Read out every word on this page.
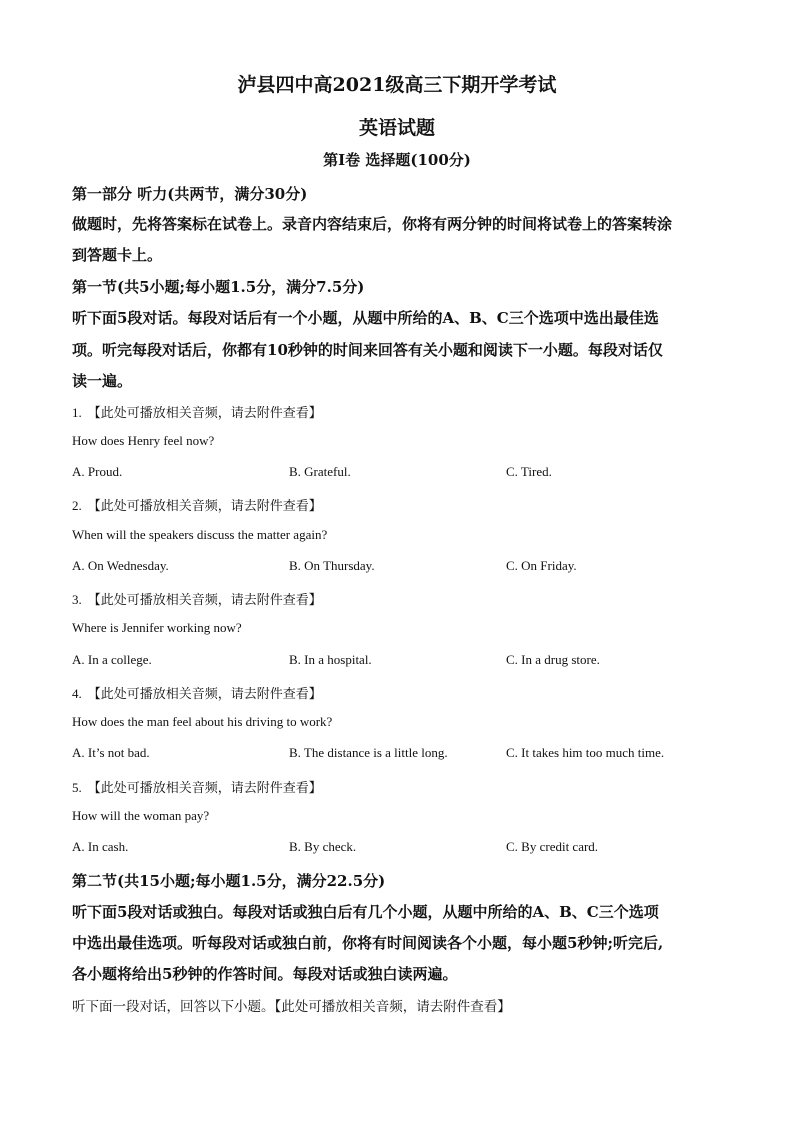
泸县四中高2021级高三下期开学考试
英语试题
第I卷 选择题(100分)
第一部分 听力(共两节，满分30分)
做题时，先将答案标在试卷上。录音内容结束后，你将有两分钟的时间将试卷上的答案转涂
到答题卡上。
第一节(共5小题;每小题1.5分，满分7.5分)
听下面5段对话。每段对话后有一个小题，从题中所给的A、B、C三个选项中选出最佳选
项。听完每段对话后，你都有10秒钟的时间来回答有关小题和阅读下一小题。每段对话仅
读一遍。
1. 【此处可播放相关音频，请去附件查看】
How does Henry feel now?
A. Proud.	B. Grateful.	C. Tired.
2. 【此处可播放相关音频，请去附件查看】
When will the speakers discuss the matter again?
A. On Wednesday.	B. On Thursday.	C. On Friday.
3. 【此处可播放相关音频，请去附件查看】
Where is Jennifer working now?
A. In a college.	B. In a hospital.	C. In a drug store.
4. 【此处可播放相关音频，请去附件查看】
How does the man feel about his driving to work?
A. It’s not bad.	B. The distance is a little long.	C. It takes him too much time.
5. 【此处可播放相关音频，请去附件查看】
How will the woman pay?
A. In cash.	B. By check.	C. By credit card.
第二节(共15小题;每小题1.5分，满分22.5分)
听下面5段对话或独白。每段对话或独白后有几个小题，从题中所给的A、B、C三个选项
中选出最佳选项。听每段对话或独白前，你将有时间阅读各个小题，每小题5秒钟;听完后,
各小题将给出5秒钟的作答时间。每段对话或独白读两遍。
听下面一段对话，回答以下小题。【此处可播放相关音频，请去附件查看】
